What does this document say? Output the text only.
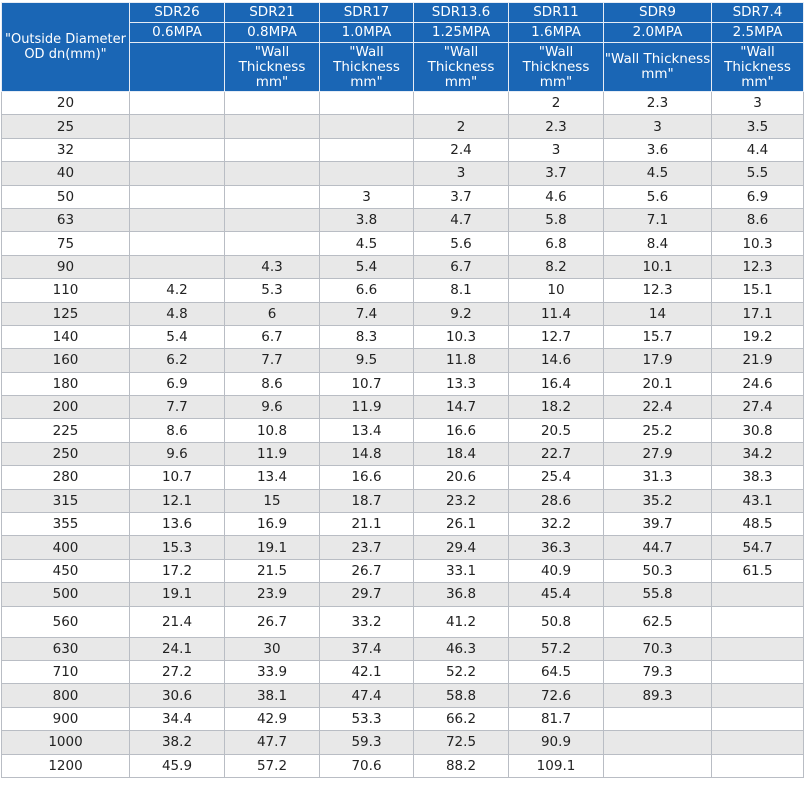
"Outside Diameter OD dn(mm)"	SDR26	SDR21	SDR17	SDR13.6	SDR11	SDR9	SDR7.4
	0.6MPA	0.8MPA	1.0MPA	1.25MPA	1.6MPA	2.0MPA	2.5MPA
		"Wall Thickness mm"	"Wall Thickness mm"	"Wall Thickness mm"	"Wall Thickness mm"	"Wall Thickness mm"	"Wall Thickness mm"
20					2	2.3	3
25				2	2.3	3	3.5
32				2.4	3	3.6	4.4
40				3	3.7	4.5	5.5
50			3	3.7	4.6	5.6	6.9
63			3.8	4.7	5.8	7.1	8.6
75			4.5	5.6	6.8	8.4	10.3
90		4.3	5.4	6.7	8.2	10.1	12.3
110	4.2	5.3	6.6	8.1	10	12.3	15.1
125	4.8	6	7.4	9.2	11.4	14	17.1
140	5.4	6.7	8.3	10.3	12.7	15.7	19.2
160	6.2	7.7	9.5	11.8	14.6	17.9	21.9
180	6.9	8.6	10.7	13.3	16.4	20.1	24.6
200	7.7	9.6	11.9	14.7	18.2	22.4	27.4
225	8.6	10.8	13.4	16.6	20.5	25.2	30.8
250	9.6	11.9	14.8	18.4	22.7	27.9	34.2
280	10.7	13.4	16.6	20.6	25.4	31.3	38.3
315	12.1	15	18.7	23.2	28.6	35.2	43.1
355	13.6	16.9	21.1	26.1	32.2	39.7	48.5
400	15.3	19.1	23.7	29.4	36.3	44.7	54.7
450	17.2	21.5	26.7	33.1	40.9	50.3	61.5
500	19.1	23.9	29.7	36.8	45.4	55.8	
560	21.4	26.7	33.2	41.2	50.8	62.5	
630	24.1	30	37.4	46.3	57.2	70.3	
710	27.2	33.9	42.1	52.2	64.5	79.3	
800	30.6	38.1	47.4	58.8	72.6	89.3	
900	34.4	42.9	53.3	66.2	81.7		
1000	38.2	47.7	59.3	72.5	90.9		
1200	45.9	57.2	70.6	88.2	109.1		
